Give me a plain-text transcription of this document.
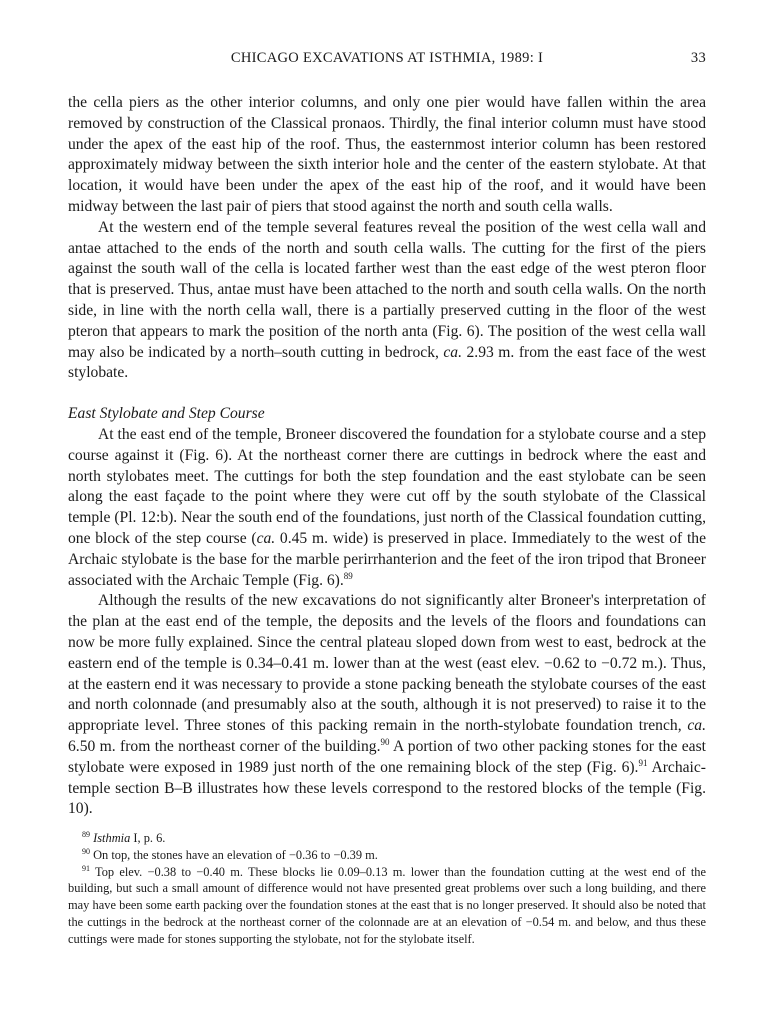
CHICAGO EXCAVATIONS AT ISTHMIA, 1989: I	33

the cella piers as the other interior columns, and only one pier would have fallen within the area removed by construction of the Classical pronaos. Thirdly, the final interior column must have stood under the apex of the east hip of the roof. Thus, the easternmost interior column has been restored approximately midway between the sixth interior hole and the center of the eastern stylobate. At that location, it would have been under the apex of the east hip of the roof, and it would have been midway between the last pair of piers that stood against the north and south cella walls.

At the western end of the temple several features reveal the position of the west cella wall and antae attached to the ends of the north and south cella walls. The cutting for the first of the piers against the south wall of the cella is located farther west than the east edge of the west pteron floor that is preserved. Thus, antae must have been attached to the north and south cella walls. On the north side, in line with the north cella wall, there is a partially preserved cutting in the floor of the west pteron that appears to mark the position of the north anta (Fig. 6). The position of the west cella wall may also be indicated by a north–south cutting in bedrock, ca. 2.93 m. from the east face of the west stylobate.

East Stylobate and Step Course

At the east end of the temple, Broneer discovered the foundation for a stylobate course and a step course against it (Fig. 6). At the northeast corner there are cuttings in bedrock where the east and north stylobates meet. The cuttings for both the step foundation and the east stylobate can be seen along the east façade to the point where they were cut off by the south stylobate of the Classical temple (Pl. 12:b). Near the south end of the foundations, just north of the Classical foundation cutting, one block of the step course (ca. 0.45 m. wide) is preserved in place. Immediately to the west of the Archaic stylobate is the base for the marble perirrhanterion and the feet of the iron tripod that Broneer associated with the Archaic Temple (Fig. 6).$^{89}$

Although the results of the new excavations do not significantly alter Broneer's interpretation of the plan at the east end of the temple, the deposits and the levels of the floors and foundations can now be more fully explained. Since the central plateau sloped down from west to east, bedrock at the eastern end of the temple is 0.34–0.41 m. lower than at the west (east elev. −0.62 to −0.72 m.). Thus, at the eastern end it was necessary to provide a stone packing beneath the stylobate courses of the east and north colonnade (and presumably also at the south, although it is not preserved) to raise it to the appropriate level. Three stones of this packing remain in the north-stylobate foundation trench, ca. 6.50 m. from the northeast corner of the building.$^{90}$ A portion of two other packing stones for the east stylobate were exposed in 1989 just north of the one remaining block of the step (Fig. 6).$^{91}$ Archaic-temple section B–B illustrates how these levels correspond to the restored blocks of the temple (Fig. 10).

$^{89}$ Isthmia I, p. 6.

$^{90}$ On top, the stones have an elevation of −0.36 to −0.39 m.

$^{91}$ Top elev. −0.38 to −0.40 m. These blocks lie 0.09–0.13 m. lower than the foundation cutting at the west end of the building, but such a small amount of difference would not have presented great problems over such a long building, and there may have been some earth packing over the foundation stones at the east that is no longer preserved. It should also be noted that the cuttings in the bedrock at the northeast corner of the colonnade are at an elevation of −0.54 m. and below, and thus these cuttings were made for stones supporting the stylobate, not for the stylobate itself.
